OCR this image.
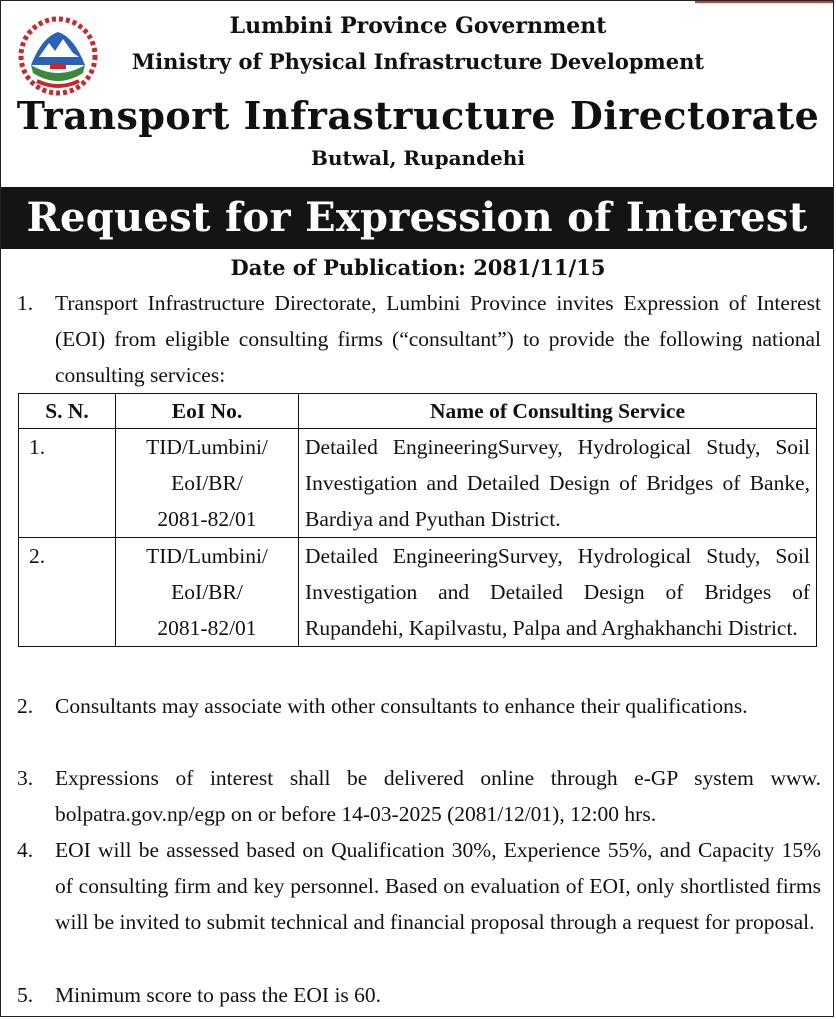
Lumbini Province Government
Ministry of Physical Infrastructure Development
Transport Infrastructure Directorate
Butwal, Rupandehi
Request for Expression of Interest
Date of Publication: 2081/11/15
1. Transport Infrastructure Directorate, Lumbini Province invites Expression of Interest (EOI) from eligible consulting firms (“consultant”) to provide the following national consulting services:
S. N.	EoI No.	Name of Consulting Service
1.	TID/Lumbini/
EoI/BR/
2081-82/01	Detailed EngineeringSurvey, Hydrological Study, Soil Investigation and Detailed Design of Bridges of Banke, Bardiya and Pyuthan District.
2.	TID/Lumbini/
EoI/BR/
2081-82/01	Detailed EngineeringSurvey, Hydrological Study, Soil Investigation and Detailed Design of Bridges of Rupandehi, Kapilvastu, Palpa and Arghakhanchi District.
2. Consultants may associate with other consultants to enhance their qualifications.
3. Expressions of interest shall be delivered online through e-GP system www. bolpatra.gov.np/egp on or before 14-03-2025 (2081/12/01), 12:00 hrs.
4. EOI will be assessed based on Qualification 30%, Experience 55%, and Capacity 15% of consulting firm and key personnel. Based on evaluation of EOI, only shortlisted firms will be invited to submit technical and financial proposal through a request for proposal.
5. Minimum score to pass the EOI is 60.
